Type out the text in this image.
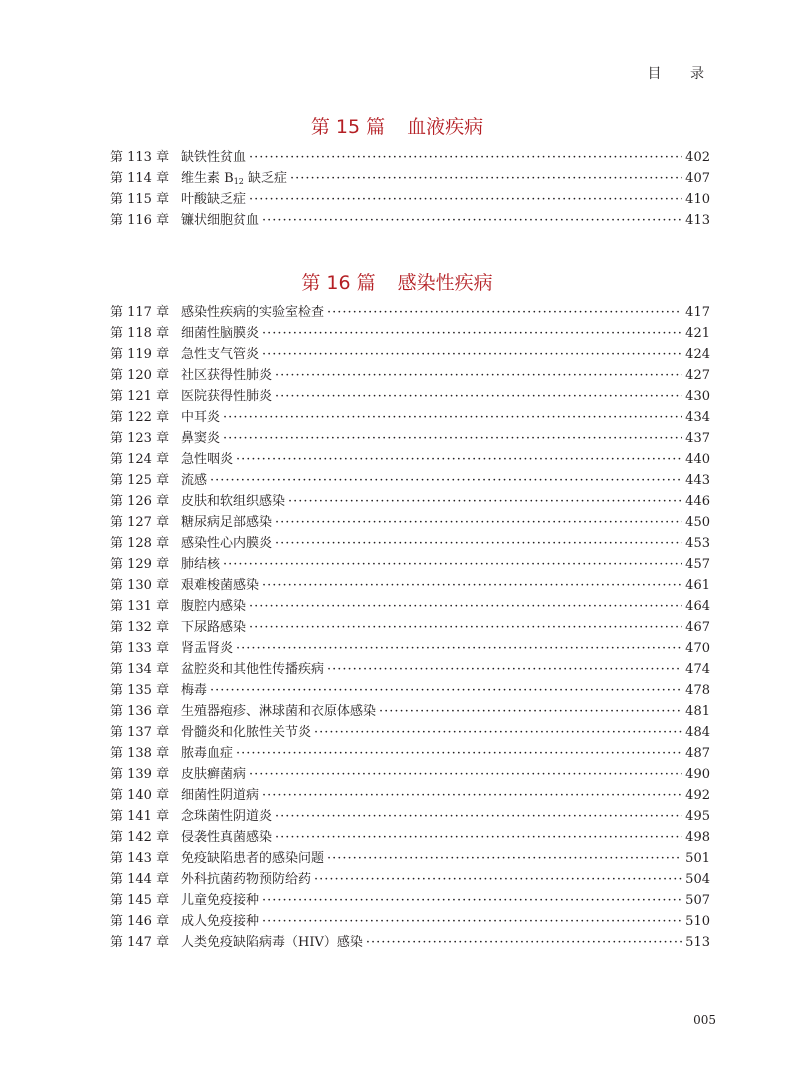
目 录
第 15 篇 血液疾病
第 113 章 缺铁性贫血 ·····	402
第 114 章 维生素 $B_{12}$ 缺乏症 ·····	407
第 115 章 叶酸缺乏症 ·····	410
第 116 章 镰状细胞贫血 ·····	413
第 16 篇 感染性疾病
第 117 章 感染性疾病的实验室检查 ·····	417
第 118 章 细菌性脑膜炎 ·····	421
第 119 章 急性支气管炎 ·····	424
第 120 章 社区获得性肺炎 ·····	427
第 121 章 医院获得性肺炎 ·····	430
第 122 章 中耳炎 ·····	434
第 123 章 鼻窦炎 ·····	437
第 124 章 急性咽炎 ·····	440
第 125 章 流感 ·····	443
第 126 章 皮肤和软组织感染 ·····	446
第 127 章 糖尿病足部感染 ·····	450
第 128 章 感染性心内膜炎 ·····	453
第 129 章 肺结核 ·····	457
第 130 章 艰难梭菌感染 ·····	461
第 131 章 腹腔内感染 ·····	464
第 132 章 下尿路感染 ·····	467
第 133 章 肾盂肾炎 ·····	470
第 134 章 盆腔炎和其他性传播疾病 ·····	474
第 135 章 梅毒 ·····	478
第 136 章 生殖器疱疹、淋球菌和衣原体感染 ·····	481
第 137 章 骨髓炎和化脓性关节炎 ·····	484
第 138 章 脓毒血症 ·····	487
第 139 章 皮肤癣菌病 ·····	490
第 140 章 细菌性阴道病 ·····	492
第 141 章 念珠菌性阴道炎 ·····	495
第 142 章 侵袭性真菌感染 ·····	498
第 143 章 免疫缺陷患者的感染问题 ·····	501
第 144 章 外科抗菌药物预防给药 ·····	504
第 145 章 儿童免疫接种 ·····	507
第 146 章 成人免疫接种 ·····	510
第 147 章 人类免疫缺陷病毒（HIV）感染 ·····	513
005
